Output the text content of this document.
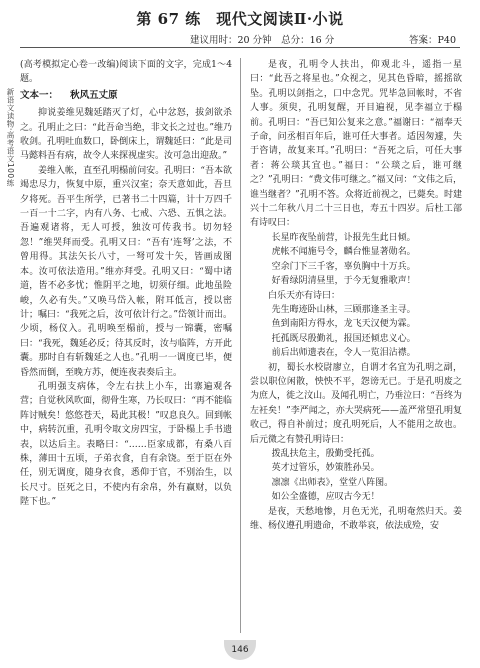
新语文读物·高考语文100练
第 67 练　现代文阅读Ⅱ·小说
建议用时：20 分钟　总分：16 分	答案：P40

(高考模拟定心卷一改编)阅读下面的文字，完成1～4题。

文本一： 秋风五丈原

抑说姜维见魏延踏灭了灯，心中忿怒，拔剑欲杀之。孔明止之曰：“此吾命当绝，非文长之过也。”维乃收剑。孔明吐血数口，卧倒床上，谓魏延曰：“此是司马懿料吾有病，故令人来探视虚实。汝可急出迎敌。”

姜维入帐，直至孔明榻前问安。孔明曰：“吾本欲竭忠尽力，恢复中原，重兴汉室；奈天意如此，吾旦夕将死。吾平生所学，已著书二十四篇，计十万四千一百一十二字，内有八务、七戒、六恐、五惧之法。吾遍观诸将，无人可授，独汝可传我书。切勿轻忽！”维哭拜而受。孔明又曰：“吾有‘连弩’之法，不曾用得。其法矢长八寸，一弩可发十矢，皆画成图本。汝可依法造用。”维亦拜受。孔明又曰：“蜀中诸道，皆不必多忧；惟阴平之地，切须仔细。此地虽险峻，久必有失。”又唤马岱入帐，附耳低言，授以密计；嘱曰：“我死之后，汝可依计行之。”岱领计而出。少顷，杨仪入。孔明唤至榻前，授与一锦囊，密嘱曰：“我死，魏延必反；待其反时，汝与临阵，方开此囊。那时自有斩魏延之人也。”孔明一一调度已毕，便昏然而倒，至晚方苏，便连夜表奏后主。

孔明强支病体，令左右扶上小车，出寨遍观各营；自觉秋风吹面，彻骨生寒，乃长叹曰：“再不能临阵讨贼矣！悠悠苍天，曷此其极！”叹息良久。回到帐中，病转沉重，孔明令取文房四宝，于卧榻上手书遗表，以达后主。表略曰：“……臣家成都，有桑八百株，薄田十五顷，子弟衣食，自有余饶。至于臣在外任，别无调度，随身衣食，悉仰于官，不别治生，以长尺寸。臣死之日，不使内有余帛，外有赢财，以负陛下也。”

是夜，孔明令人扶出，仰观北斗，遥指一星曰：“此吾之将星也。”众视之，见其色昏暗，摇摇欲坠。孔明以剑指之，口中念咒。咒毕急回帐时，不省人事。须臾，孔明复醒，开目遍视，见李福立于榻前。孔明曰：“吾已知公复来之意。”福谢曰：“福奉天子命，问丞相百年后，谁可任大事者。适因匆遽，失于咨请，故复来耳。”孔明曰：“吾死之后，可任大事者：蒋公琰其宜也。”福曰：“公琰之后，谁可继之？”孔明曰：“费文伟可继之。”福又问：“文伟之后，谁当继者？”孔明不答。众将近前视之，已薨矣。时建兴十二年秋八月二十三日也，寿五十四岁。后杜工部有诗叹曰：

长星昨夜坠前营，讣报先生此日倾。
虎帐不闻施号令，麟台惟显著勋名。
空余门下三千客，辜负胸中十万兵。
好看绿阴清昼里，于今无复雅歌声！

白乐天亦有诗曰：

先生晦迹卧山林，三顾那逢圣主寻。
鱼到南阳方得水，龙飞天汉便为霖。
托孤既尽殷勤礼，报国还倾忠义心。
前后出师遗表在，令人一览泪沾襟。

初，蜀长水校尉廖立，自谓才名宜为孔明之副，尝以职位闲散，怏怏不平，怨谤无已。于是孔明废之为庶人，徙之汶山。及闻孔明亡，乃垂泣曰：“吾终为左衽矣！”李严闻之，亦大哭病死——盖严常望孔明复收己，得自补前过；度孔明死后，人不能用之故也。后元微之有赞孔明诗曰：

拨乱扶危主，殷勤受托孤。
英才过管乐，妙策胜孙吴。
凛凛《出师表》，堂堂八阵图。
如公全盛德，应叹古今无！

是夜，天愁地惨，月色无光，孔明奄然归天。姜维、杨仪遵孔明遗命，不敢举哀，依法成殓，安

146
